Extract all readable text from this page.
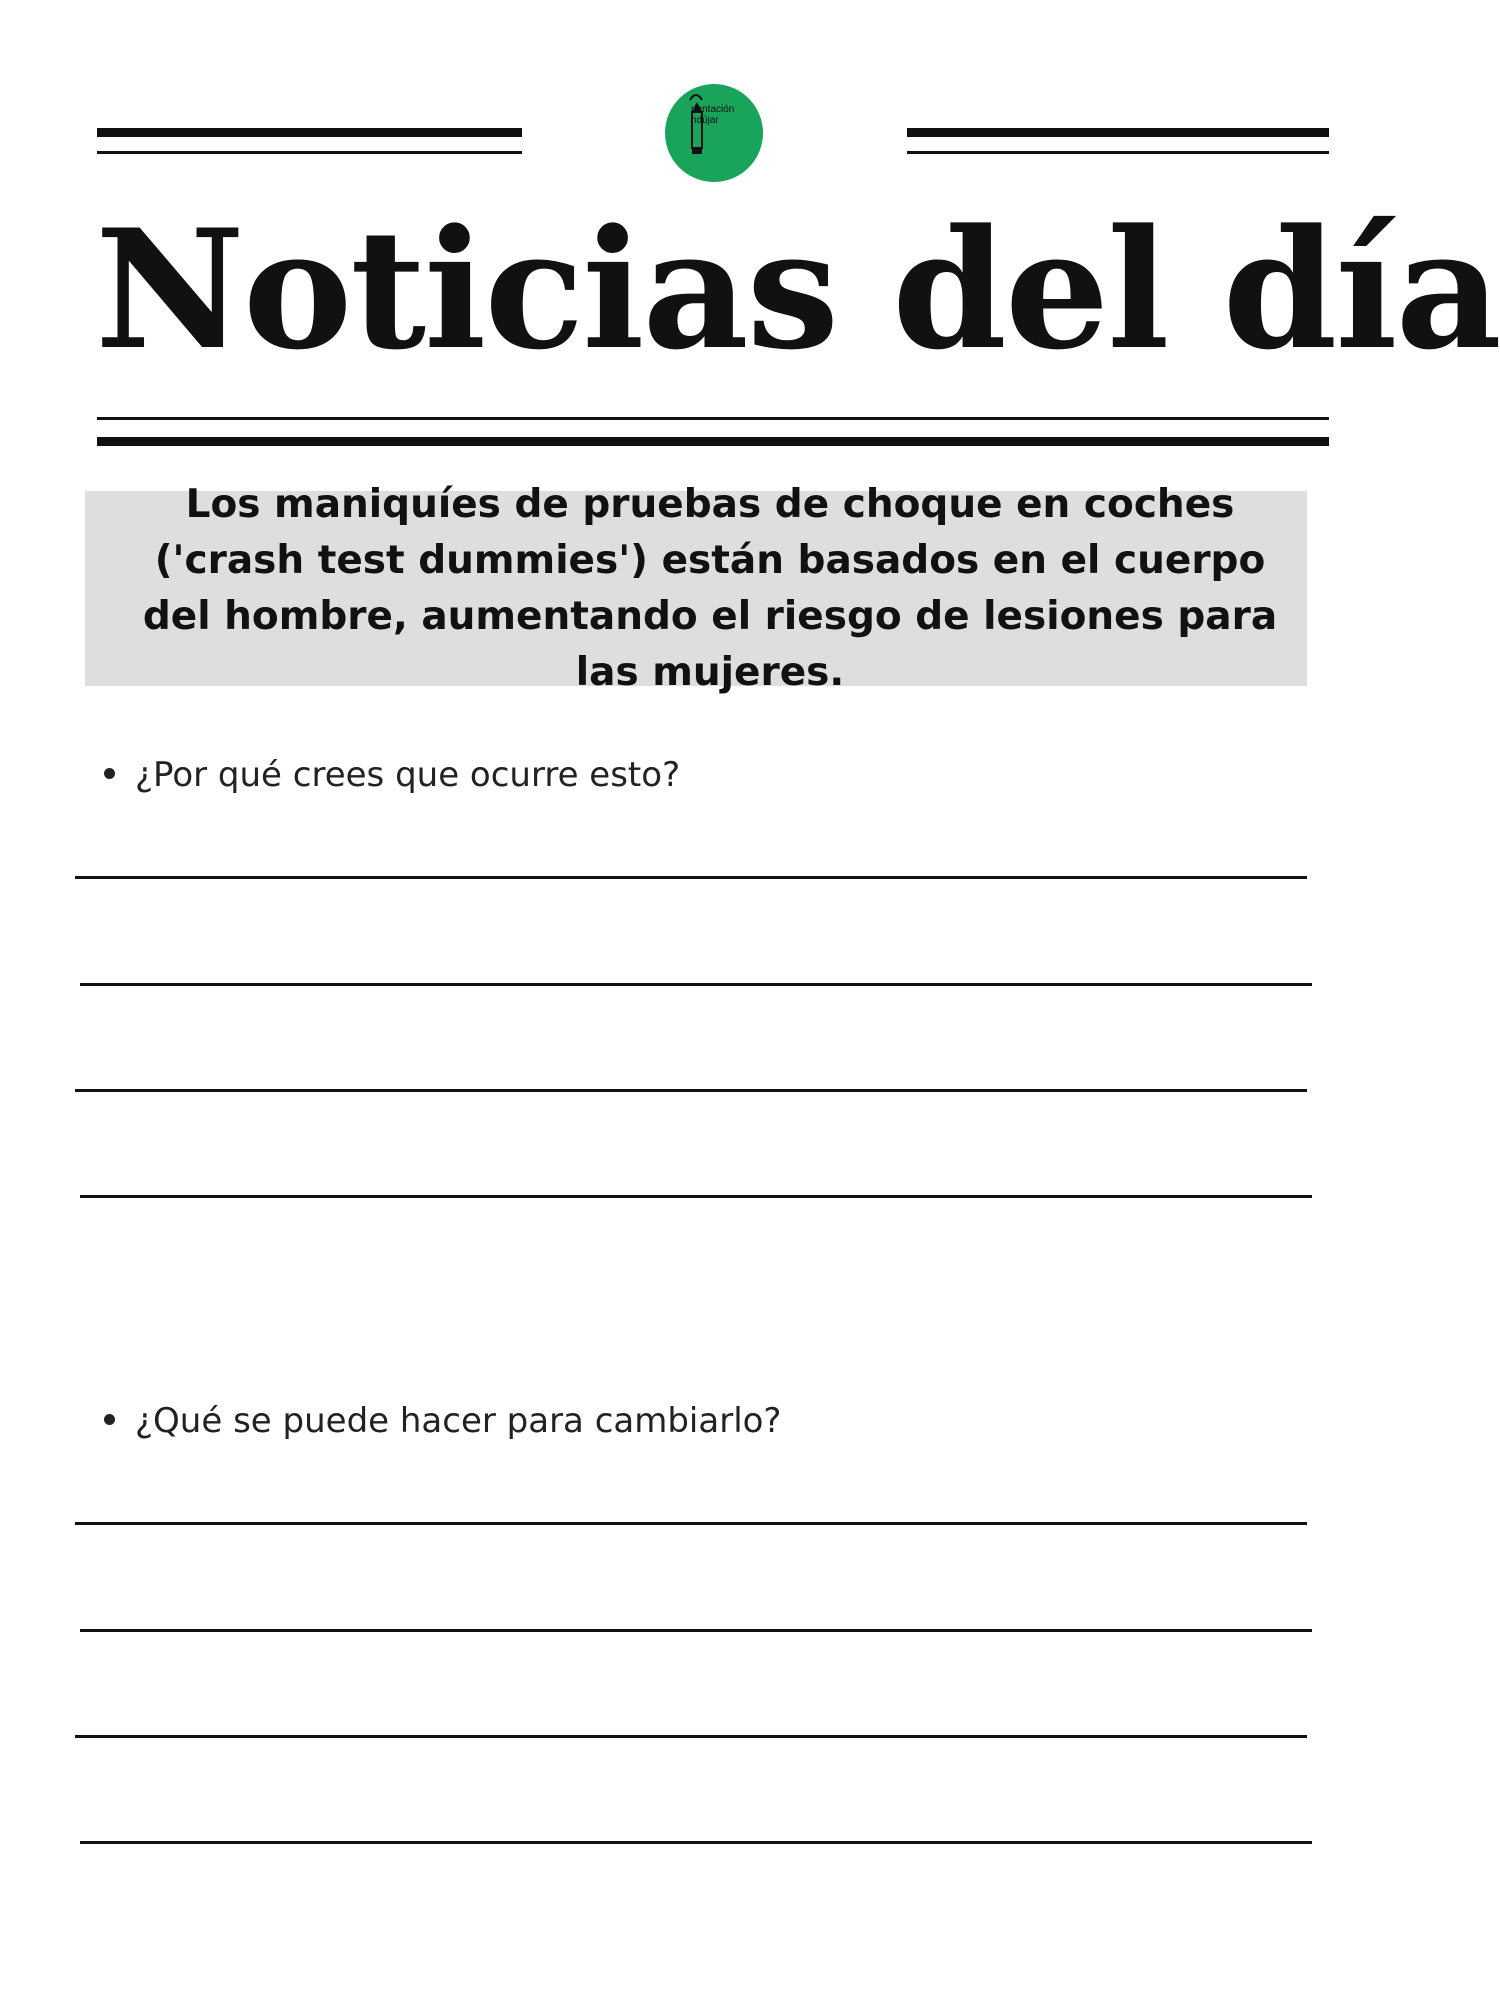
rientación
ndújar
Noticias del día
Los maniquíes de pruebas de choque en coches
('crash test dummies') están basados en el cuerpo
del hombre, aumentando el riesgo de lesiones para
las mujeres.
¿Por qué crees que ocurre esto?
¿Qué se puede hacer para cambiarlo?
